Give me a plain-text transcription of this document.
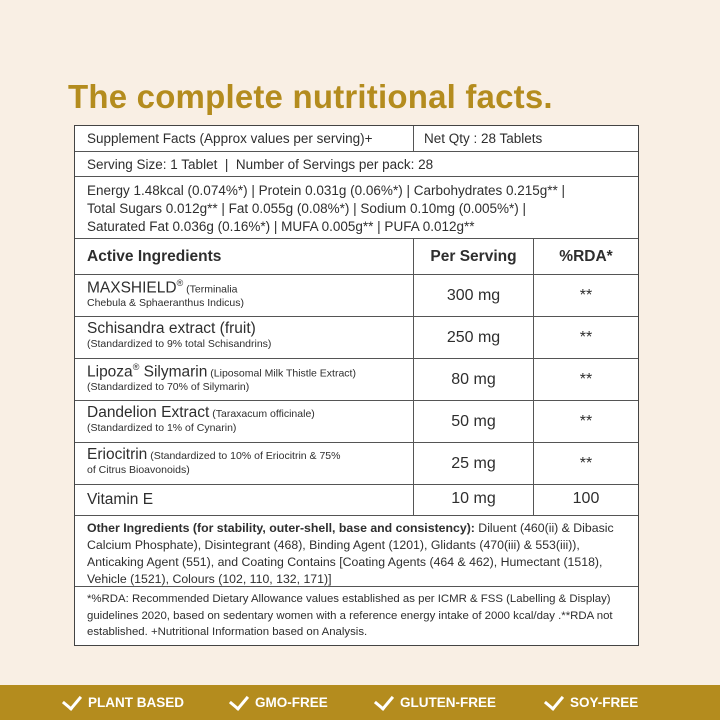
The complete nutritional facts.
Supplement Facts (Approx values per serving)+	Net Qty : 28 Tablets
Serving Size: 1 Tablet  |  Number of Servings per pack: 28
Energy 1.48kcal (0.074%*) | Protein 0.031g (0.06%*) | Carbohydrates 0.215g** |
Total Sugars 0.012g** | Fat 0.055g (0.08%*) | Sodium 0.10mg (0.005%*) |
Saturated Fat 0.036g (0.16%*) | MUFA 0.005g** | PUFA 0.012g**
Active Ingredients	Per Serving	%RDA*
MAXSHIELD® (Terminalia
Chebula & Sphaeranthus Indicus)	300 mg	**
Schisandra extract (fruit)
(Standardized to 9% total Schisandrins)	250 mg	**
Lipoza® Silymarin (Liposomal Milk Thistle Extract)
(Standardized to 70% of Silymarin)	80 mg	**
Dandelion Extract (Taraxacum officinale)
(Standardized to 1% of Cynarin)	50 mg	**
Eriocitrin (Standardized to 10% of Eriocitrin & 75%
of Citrus Bioavonoids)	25 mg	**
Vitamin E	10 mg	100
Other Ingredients (for stability, outer-shell, base and consistency): Diluent (460(ii) & Dibasic Calcium Phosphate), Disintegrant (468), Binding Agent (1201), Glidants (470(iii) & 553(iii)), Anticaking Agent (551), and Coating Contains [Coating Agents (464 & 462), Humectant (1518), Vehicle (1521), Colours (102, 110, 132, 171)]
*%RDA: Recommended Dietary Allowance values established as per ICMR & FSS (Labelling & Display) guidelines 2020, based on sedentary women with a reference energy intake of 2000 kcal/day .**RDA not established. +Nutritional Information based on Analysis.
PLANT BASED	GMO-FREE	GLUTEN-FREE	SOY-FREE
